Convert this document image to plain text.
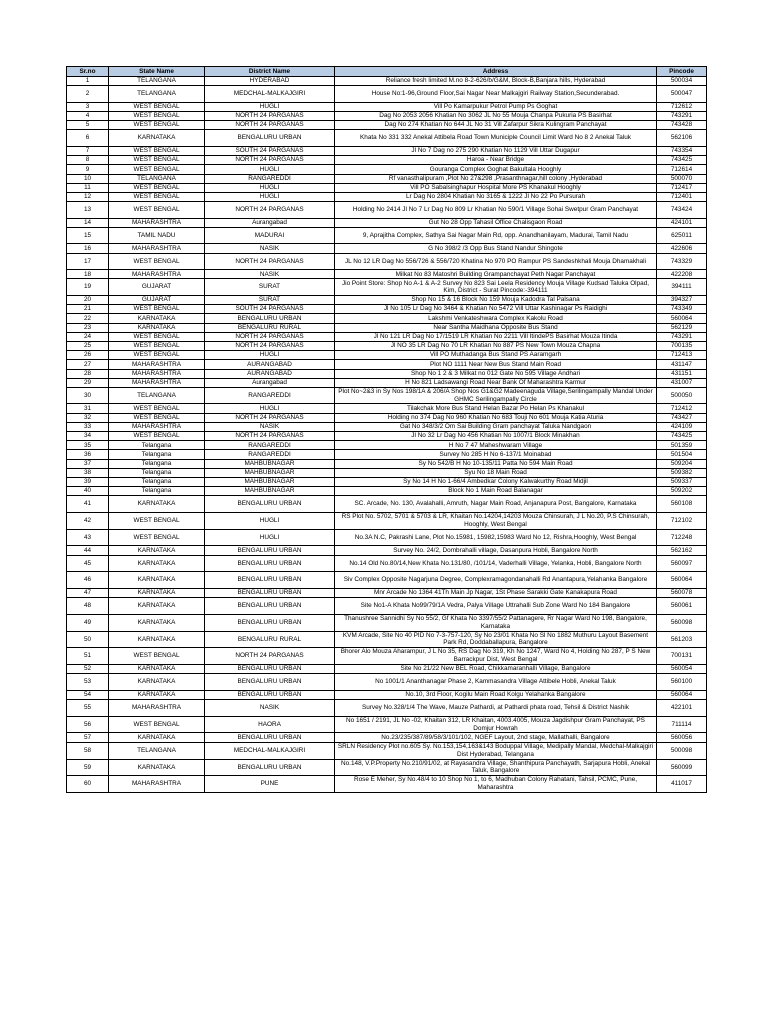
Sr.no	State Name	District Name	Address	Pincode
1	TELANGANA	HYDERABAD	Reliance fresh limited M.no 8-2-626/b/G&M, Block-B,Banjara hills, Hyderabad	500034
2	TELANGANA	MEDCHAL-MALKAJGIRI	House No:1-96,Ground Floor,Sai Nagar Near Malkajgiri Railway Station,Secunderabad.	500047
3	WEST BENGAL	HUGLI	Vill Po Kamarpukur Petrol Pump Ps Goghat	712612
4	WEST BENGAL	NORTH 24 PARGANAS	Dag No 2053 2056 Khatian No 3062 JL No 55 Mouja Chanpa Pukuria PS Basirhat	743291
5	WEST BENGAL	NORTH 24 PARGANAS	Dag No 274 Khatian No 644 JL No 31 Vill Zafarpur Sikra Kulingram Panchayat	743428
6	KARNATAKA	BENGALURU URBAN	Khata No 331 332 Anekal Attibela Road Town Municiple Council Limit Ward No 8 2 Anekal Taluk	562106
7	WEST BENGAL	SOUTH 24 PARGANAS	Jl No 7 Dag no 275 290 Khatian No 1129 Vill Uttar Dugapur	743354
8	WEST BENGAL	NORTH 24 PARGANAS	Haroa - Near Bridge	743425
9	WEST BENGAL	HUGLI	Gouranga Complex Goghat Bakultala Hooghly	712614
10	TELANGANA	RANGAREDDI	Rf vanasthalipuram ,Plot No 27&298 ,Prasanthnagar,hill colony ,Hyderabad	500070
11	WEST BENGAL	HUGLI	Vill PO Sabalsinghapur Hospital More PS Khanakul Hooghly	712417
12	WEST BENGAL	HUGLI	Lr Dag No 2804 Khatian No 3165 & 1222 Jl No 22 Po Pursurah	712401
13	WEST BENGAL	NORTH 24 PARGANAS	Holding No 2414 Jl No 7 Lr Dag No 809 Lr Khatian No 590/1 Village Sohai Swetpur Gram Panchayat	743424
14	MAHARASHTRA	Aurangabad	Gut No 28 Opp Tahasil Office Chalisgaon Road	424101
15	TAMIL NADU	MADURAI	9, Aprajitha Complex, Sathya Sai Nagar Main Rd, opp. Anandhanilayam, Madurai, Tamil Nadu	625011
16	MAHARASHTRA	NASIK	G No 398/2 /3 Opp Bus Stand Nandur Shingote	422606
17	WEST BENGAL	NORTH 24 PARGANAS	JL No 12 LR Dag No 556/726 & 556/720 Khatina No 970 PO Rampur PS Sandeshkhali Mouja Dhamakhali	743329
18	MAHARASHTRA	NASIK	Milkat No 83 Matoshri Building Grampanchayat Peth Nagar Panchayat	422208
19	GUJARAT	SURAT	Jio Point Store: Shop No A-1 & A-2 Survey No 823 Sai Leela Residency Mouja Village Kudsad Taluka Olpad, Kim, District - Surat Pincode:-394111	394111
20	GUJARAT	SURAT	Shop No 15 & 16 Block No 159 Mouja Kadodra Tal Palsana	394327
21	WEST BENGAL	SOUTH 24 PARGANAS	Jl No 105 Lr Dag No 3464 & Khatian No 5472 Vill Uttar Kashinagar Ps Raidighi	743349
22	KARNATAKA	BENGALURU URBAN	Lakshmi Venkateshwara Complex Kakolu Road	560064
23	KARNATAKA	BENGALURU RURAL	Near Santha Maidhana Opposite Bus Stand	562129
24	WEST BENGAL	NORTH 24 PARGANAS	Jl No 121 LR Dag No 17/1519 LR Khatian No 2211 Vill ItindePS Basirhat Mouza Itinda	743291
25	WEST BENGAL	NORTH 24 PARGANAS	Jl NO 35 LR Dag No 70 LR Khatian No 887 PS New Town Mouza Chapna	700135
26	WEST BENGAL	HUGLI	Vill PO Muthadanga Bus Stand PS Aaramgarh	712413
27	MAHARASHTRA	AURANGABAD	Plot NO 1111 Near New Bus Stand Main Road	431147
28	MAHARASHTRA	AURANGABAD	Shop No 1 2 & 3 Milkat no 012 Gate No 595 Village Andhari	431151
29	MAHARASHTRA	Aurangabad	H No 821 Ladsawangi Road Near Bank Of Maharashtra Karmur	431007
30	TELANGANA	RANGAREDDI	Plot No~2&3 in Sy Nos 198/1A & 206/A Shop Nos G1&G2 Madeenaguda Village,Serilingampally Mandal Under GHMC Serilingampally Circle	500050
31	WEST BENGAL	HUGLI	Tilakchak More Bus Stand Helan Bazar Po Helan Ps Khanakul	712412
32	WEST BENGAL	NORTH 24 PARGANAS	Holding no 374 Dag No 960 Khatian No 683 Touji No 601 Mouja Katia Aturia	743427
33	MAHARASHTRA	NASIK	Gat No 348/3/2 Om Sai Building Gram panchayat Taluka Nandgaon	424109
34	WEST BENGAL	NORTH 24 PARGANAS	Jl No 32 Lr Dag No 456 Khatian No 1007/1 Block Minakhan	743425
35	Telangana	RANGAREDDI	H No 7 47 Maheshwaram Village	501359
36	Telangana	RANGAREDDI	Survey No 285 H No 6-137/1 Moinabad	501504
37	Telangana	MAHBUBNAGAR	Sy No 542/B H No 10-135/11 Patta No 594 Main Road	509204
38	Telangana	MAHBUBNAGAR	Syu No 18 Main Road	509382
39	Telangana	MAHBUBNAGAR	Sy No 14 H No 1-66/4 Ambedkar Colony Kalwakurthy Road Midjil	509337
40	Telangana	MAHBUBNAGAR	Block No 1 Main Road Balanagar	509202
41	KARNATAKA	BENGALURU URBAN	SC. Arcade, No. 130, Avalahalli, Amruth, Nagar Main Road, Anjanapura Post, Bangalore, Karnataka	560108
42	WEST BENGAL	HUGLI	RS Plot No. 5702, 5701 & 5703 & LR, Khaitan No.14204,14203 Mouza Chinsurah, J L No.20, P.S Chinsurah, Hooghly, West Bengal	712102
43	WEST BENGAL	HUGLI	No.3A N.C, Pakrashi Lane, Plot No.15981, 15982,15983 Ward No 12, Rishra,Hooghly, West Bengal	712248
44	KARNATAKA	BENGALURU URBAN	Survey No. 24/2, Dombrahalli village, Dasanpura Hobli, Bangalore North	562162
45	KARNATAKA	BENGALURU URBAN	No.14 Old No.80/14,New Khata No.131/80, /101/14, Vaderhalli Village, Yelanka, Hobli, Bangalore North	560097
46	KARNATAKA	BENGALURU URBAN	Siv Complex Opposite Nagarjuna Degree, Complexramagondanahalli Rd Anantapura,Yelahanka Bangalore	560064
47	KARNATAKA	BENGALURU URBAN	Mnr Arcade No 1364 41Th Main Jp Nagar, 1St Phase Sarakki Gate Kanakapura Road	560078
48	KARNATAKA	BENGALURU URBAN	Site No1-A Khata No99/79/1A Vedra, Palya Village Uttrahalli Sub Zone Ward No 184 Bangalore	560061
49	KARNATAKA	BENGALURU URBAN	Thanushree Sannidhi Sy No 55/2, Gf Khata No 3397/55/2 Pattanagere, Rr Nagar Ward No 198, Bangalore, Karnataka	560098
50	KARNATAKA	BENGALURU RURAL	KVM Arcade, Site No 40 PID No 7-3-757-120, Sy No 23/01 Khata No Sl No 1882 Muthuru Layout Basement Park Rd, Doddaballapura, Bangalore	561203
51	WEST BENGAL	NORTH 24 PARGANAS	Bhorer Alo Mouza Aharampur, J L No 35, RS Dag No 319, Kh No 1247, Ward No 4, Holding No 287, P S New Barrackpur Dist, West Bengal	700131
52	KARNATAKA	BENGALURU URBAN	Site No 21/22 New BEL Road, Chikkamaranhalli Village, Bangalore	560054
53	KARNATAKA	BENGALURU URBAN	No 1001/1 Ananthanagar Phase 2, Kammasandra Village Attibele Hobli, Anekal Taluk	560100
54	KARNATAKA	BENGALURU URBAN	No.10, 3rd Floor, Kogilu Main Road Kolgu Yelahanka Bangalore	560064
55	MAHARASHTRA	NASIK	Survey No.328/1/4 The Wave, Mauze Pathardi, at Pathardi phata road, Tehsil & District Nashik	422101
56	WEST BENGAL	HAORA	No 1651 / 2191, JL No -02, Khaitan 312, LR Khaitan, 4003.4005, Mouza Jagdishpur Gram Panchayat, PS Domjur Howrah	711114
57	KARNATAKA	BENGALURU URBAN	No.23/235/387/89/58/3/101/102, NGEF Layout, 2nd stage, Mallathalli, Bangalore	560056
58	TELANGANA	MEDCHAL-MALKAJGIRI	SRLN Residency Plot no.605 Sy. No.153,154,163&143 Boduppal Village, Medipally Mandal, Medchal-Malkajgiri Dist Hyderabad, Telangana	500098
59	KARNATAKA	BENGALURU URBAN	No.148, V.P.Property No.210/91/02, at Rayasandra Village, Shanthipura Panchayath, Sarjapura Hobli, Anekal Taluk, Bangalore	560099
60	MAHARASHTRA	PUNE	Rose E Meher, Sy No.48/4 to 10 Shop No 1, to 6, Madhuban Colony Rahatani, Tahsil, PCMC, Pune, Maharashtra	411017
